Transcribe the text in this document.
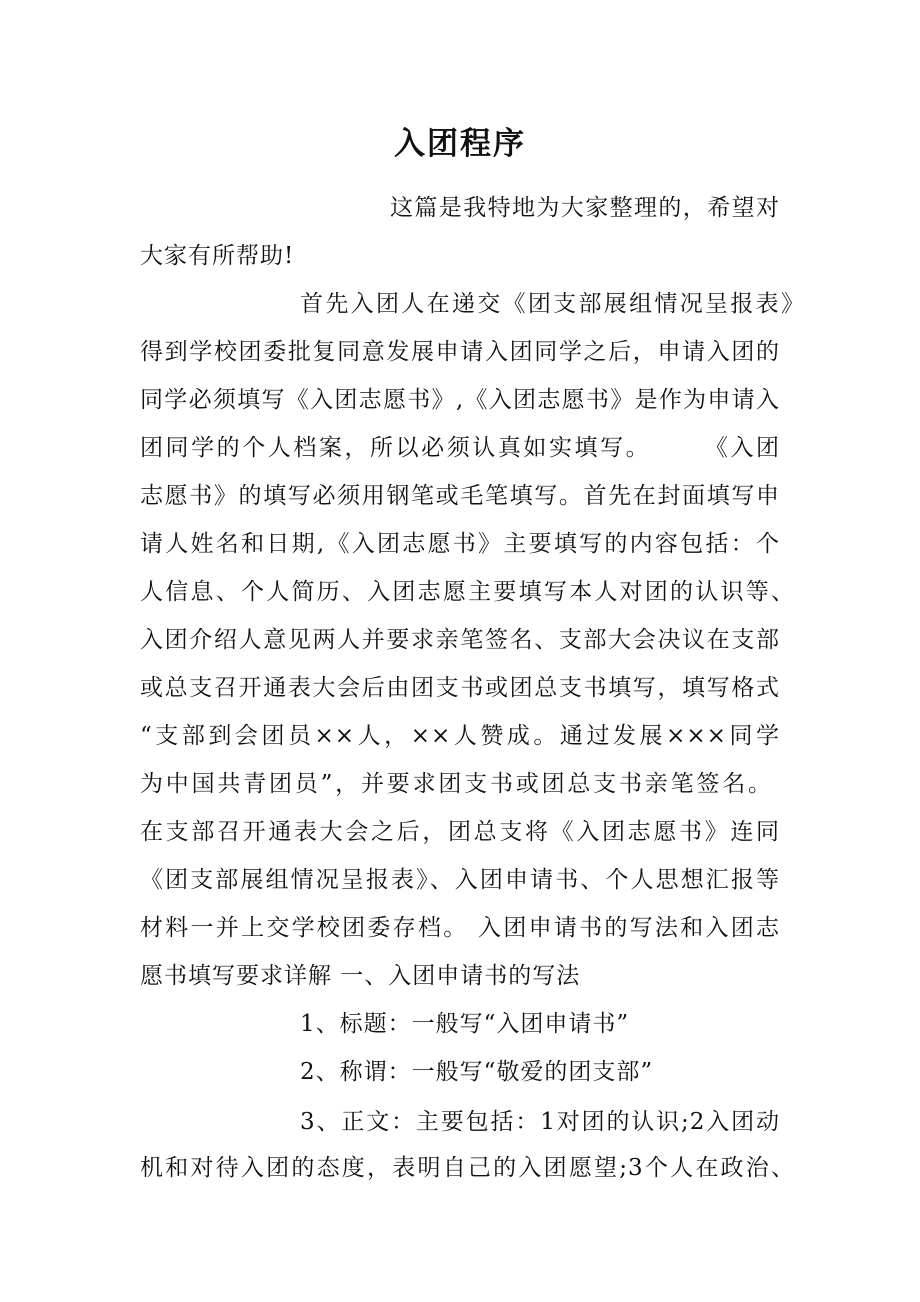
入团程序
这篇是我特地为大家整理的，希望对
大家有所帮助!
首先入团人在递交《团支部展组情况呈报表》
得到学校团委批复同意发展申请入团同学之后，申请入团的
同学必须填写《入团志愿书》,《入团志愿书》是作为申请入
团同学的个人档案，所以必须认真如实填写。　　　《入团
志愿书》的填写必须用钢笔或毛笔填写。首先在封面填写申
请人姓名和日期,《入团志愿书》主要填写的内容包括：个
人信息、个人简历、入团志愿主要填写本人对团的认识等、
入团介绍人意见两人并要求亲笔签名、支部大会决议在支部
或总支召开通表大会后由团支书或团总支书填写，填写格式
“支部到会团员××人，××人赞成。通过发展×××同学
为中国共青团员”，并要求团支书或团总支书亲笔签名。
在支部召开通表大会之后，团总支将《入团志愿书》连同
《团支部展组情况呈报表》、入团申请书、个人思想汇报等
材料一并上交学校团委存档。 入团申请书的写法和入团志
愿书填写要求详解 一、入团申请书的写法
1、标题：一般写“入团申请书”
2、称谓：一般写“敬爱的团支部”
3、正文：主要包括：1对团的认识;2入团动
机和对待入团的态度，表明自己的入团愿望;3个人在政治、
